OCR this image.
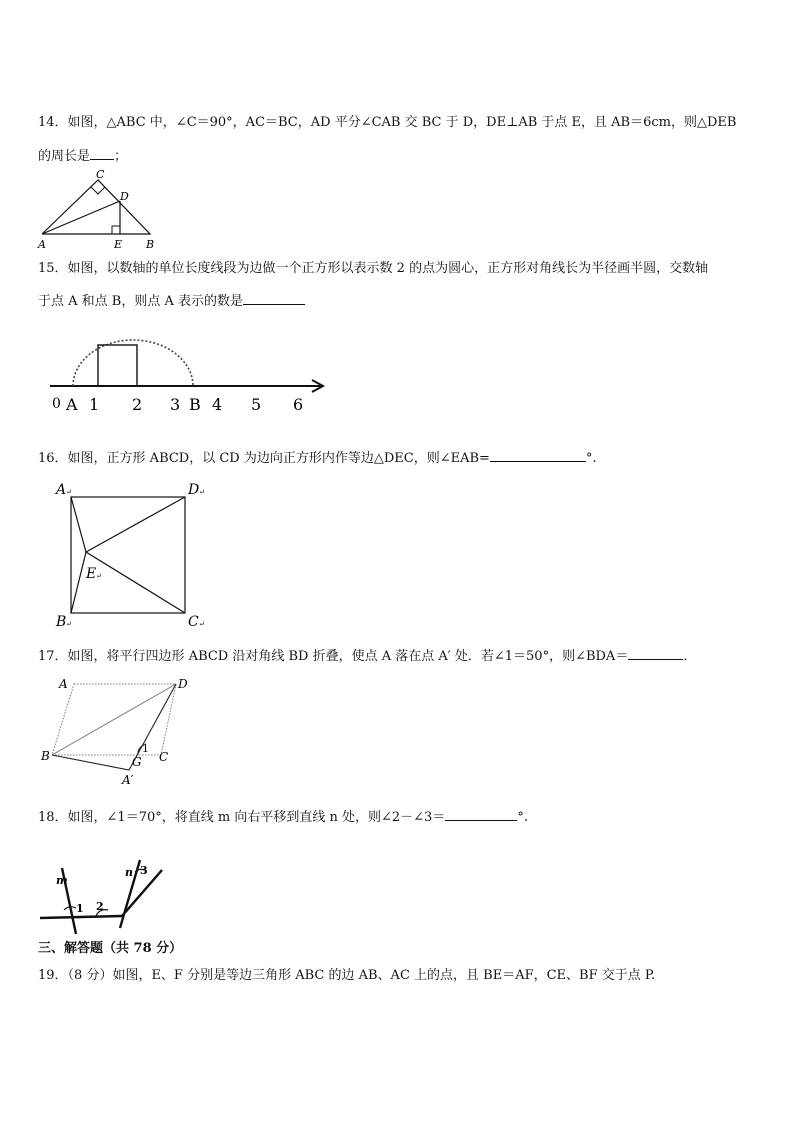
14．如图，△ABC 中，∠C＝90°，AC＝BC，AD 平分∠CAB 交 BC 于 D，DE⊥AB 于点 E，且 AB＝6cm，则△DEB
的周长是 ；
A	B
C
D
E
15．如图，以数轴的单位长度线段为边做一个正方形以表示数 2 的点为圆心，正方形对角线长为半径画半圆，交数轴
于点 A 和点 B，则点 A 表示的数是
0 A 1 2 3 B 4 5 6
16．如图，正方形 ABCD，以 CD 为边向正方形内作等边△DEC，则∠EAB=	°.
A ↵	D ↵
E ↵
B ↵	C ↵
17．如图，将平行四边形 ABCD 沿对角线 BD 折叠，使点 A 落在点 A′ 处．若∠1＝50°，则∠BDA＝	．
A	D
B	C
1
G
A′
18．如图，∠1＝70°，将直线 m 向右平移到直线 n 处，则∠2－∠3＝	°.
m
n
1 2
3
三、解答题（共 78 分）
19．（8 分）如图，E、F 分别是等边三角形 ABC 的边 AB、AC 上的点，且 BE＝AF，CE、BF 交于点 P.
